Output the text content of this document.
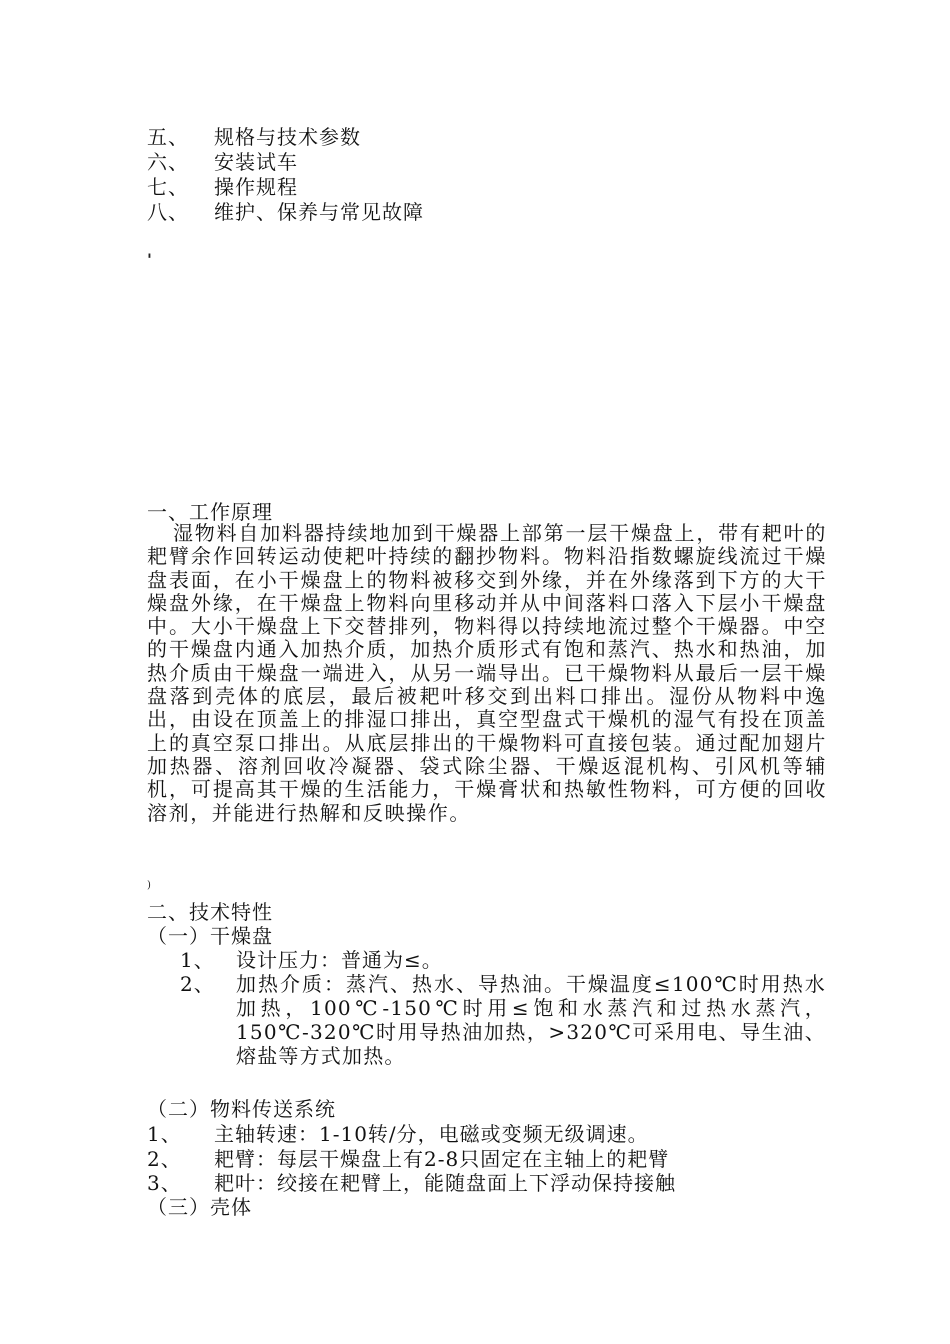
五、 规格与技术参数
六、 安装试车
七、 操作规程
八、 维护、保养与常见故障
'
一、工作原理
湿物料自加料器持续地加到干燥器上部第一层干燥盘上，带有耙叶的耙臂余作回转运动使耙叶持续的翻抄物料。物料沿指数螺旋线流过干燥盘表面，在小干燥盘上的物料被移交到外缘，并在外缘落到下方的大干燥盘外缘，在干燥盘上物料向里移动并从中间落料口落入下层小干燥盘中。大小干燥盘上下交替排列，物料得以持续地流过整个干燥器。中空的干燥盘内通入加热介质，加热介质形式有饱和蒸汽、热水和热油，加热介质由干燥盘一端进入，从另一端导出。已干燥物料从最后一层干燥盘落到壳体的底层，最后被耙叶移交到出料口排出。湿份从物料中逸出，由设在顶盖上的排湿口排出，真空型盘式干燥机的湿气有投在顶盖上的真空泵口排出。从底层排出的干燥物料可直接包装。通过配加翅片加热器、溶剂回收冷凝器、袋式除尘器、干燥返混机构、引风机等辅机，可提高其干燥的生活能力，干燥膏状和热敏性物料，可方便的回收溶剂，并能进行热解和反映操作。
)
二、技术特性
（一）干燥盘
1、 设计压力：普通为≤。
2、 加热介质：蒸汽、热水、导热油。干燥温度≤100℃时用热水加热，100℃-150℃时用≤饱和水蒸汽和过热水蒸汽，150℃-320℃时用导热油加热，>320℃可采用电、导生油、熔盐等方式加热。
（二）物料传送系统
1、 主轴转速：1-10转/分，电磁或变频无级调速。
2、 耙臂：每层干燥盘上有2-8只固定在主轴上的耙臂
3、 耙叶：绞接在耙臂上，能随盘面上下浮动保持接触
（三）壳体
